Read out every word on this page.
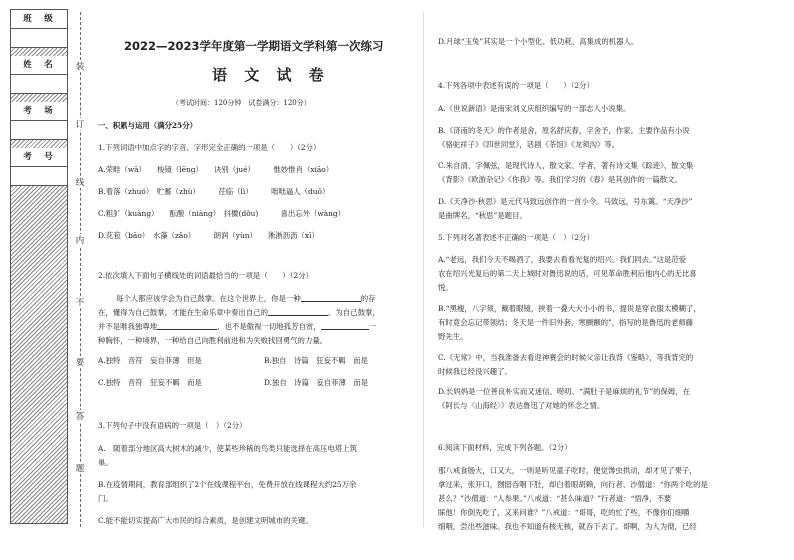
班　级
姓　名
考　场
考　号
装
订
线
内
不
要
答
题
2022—2023学年度第一学期语文学科第一次练习
语 文 试 卷
（考试时间：120分钟　试卷满分：120分）

一、积累与运用（满分25分）

1.下列词语中加点字的字音、字形完全正确的一项是（　　）（2分）

A.荣畦（wā）　　梭镜（lēng）　　诀别（jué）　　　惟妙惟肖（xiāo）

B.着落（zhuó）　贮蓄（zhù）　　　茌临（lì）　　　咄咄逼人（duō）

C.粗犷（kuàng）　　酝酿（niàng）　抖擞(dǒu)　　　喜出忘外（wàng）

D.花苞（bāo）　水藻（zǎo）　　　朗润（yùn）　　淅淅沥沥（xī）

2.依次填入下面句子横线处的词语最恰当的一项是（　　）（2分）

每个人都应该学会为自己鼓掌。在这个世界上，你是一种	的存

在，懂得为自己鼓掌，才能在生命乐章中奏出自己的	。为自己鼓掌，

并不是唯我独尊地	，也不是傲视一切地孤芳自赏，	一

种胸怀，一种境界，一种给自己向胜利前进和为失败找回勇气的力量。

A.独特　音符　妄自菲薄　但是	B.独自　诗篇　狂妄不羁　而是

C.独特　音符　狂妄不羁　而是	D.独自　诗篇　妄自菲薄　而是

3.下列句子中没有语病的一项是（　）（2分）

A.　随着部分地区高大树木的减少，使某些珍稀的鸟类只能选择在高压电塔上筑

巢。

B.在疫情期间，教育部组织了2个在线课程平台，免费开放在线课程大约25万余

门。

C.能不能切实提高广大市民的综合素质，是创建文明城市的关键。

D.月球“玉兔”其实是一个小型化、低功耗、高集成的机器人。

4.下列各项中表述有误的一项是（　　）（2分）

A.《世说新语》是南宋刘义庆组织编写的一部志人小说集。

B.《济南的冬天》的作者是舍，原名舒庆春，字舍予，作家。主要作品有小说

《骆驼祥子》《四世同堂》，话剧《茶馆》《龙须沟》等。

C.朱自清，字佩弦，是现代诗人、散文家、学者，著有诗文集《踪迹》、散文集

《背影》《欧游杂记》《你我》等。我们学习的《春》是其创作的一篇散文。

D.《天净沙·秋思》是元代马致远创作的一首小令。马致远，号东篱。“天净沙”

是曲牌名，“秋思”是题目。

5.下列对名著表述不正确的一项是（　）（2分）

A.“老远，我们今天不喝酒了，我要去看看光复的绍兴。我们同去。”这是范爱

农在绍兴光复后的第二天上城时对鲁迅说的话，可见革命胜利后他内心的无比喜

悦。

B.“黑瘦，八字须，戴着眼镜，挟着一叠大大小小的书，提说是穿衣服太模糊了，

有时竟会忘记带领结；冬天是一件旧外套，寒颤颤的”，指写的是鲁迅的老师藤

野先生。

C.《无常》中，当我准备去看迎神赛会的时候父亲让我背《鉴略》，等我背完的

时候我已经没兴趣了。

D.长妈妈是一位善良朴实而又迷信、唠叨、“满肚子是麻烦的礼节”的保姆，在

《阿长与〈山海经〉》表达鲁迅了对她的怀念之情。

6.阅读下面材料，完成下列各题。（2分）

那八戒食肠大，口又大，一则是听见童子吃时，便觉馋虫拱动，却才见了果子，

拿过来，张开口，囫囵吞咽下肚，却白着眼胡赖，向行者、沙僧道：“你两个吃的是

甚么？”沙僧道：“人参果。”八戒道：“甚么味道？”行者道：“悟净，不要

睬他！你倒先吃了，又来问谁？”八戒道：“哥哥，吃的忙了些，不像你们细嚼

细咽，尝出些滋味。我也不知道有核无核，就吞下去了。哥啊，为人为彻，已经
